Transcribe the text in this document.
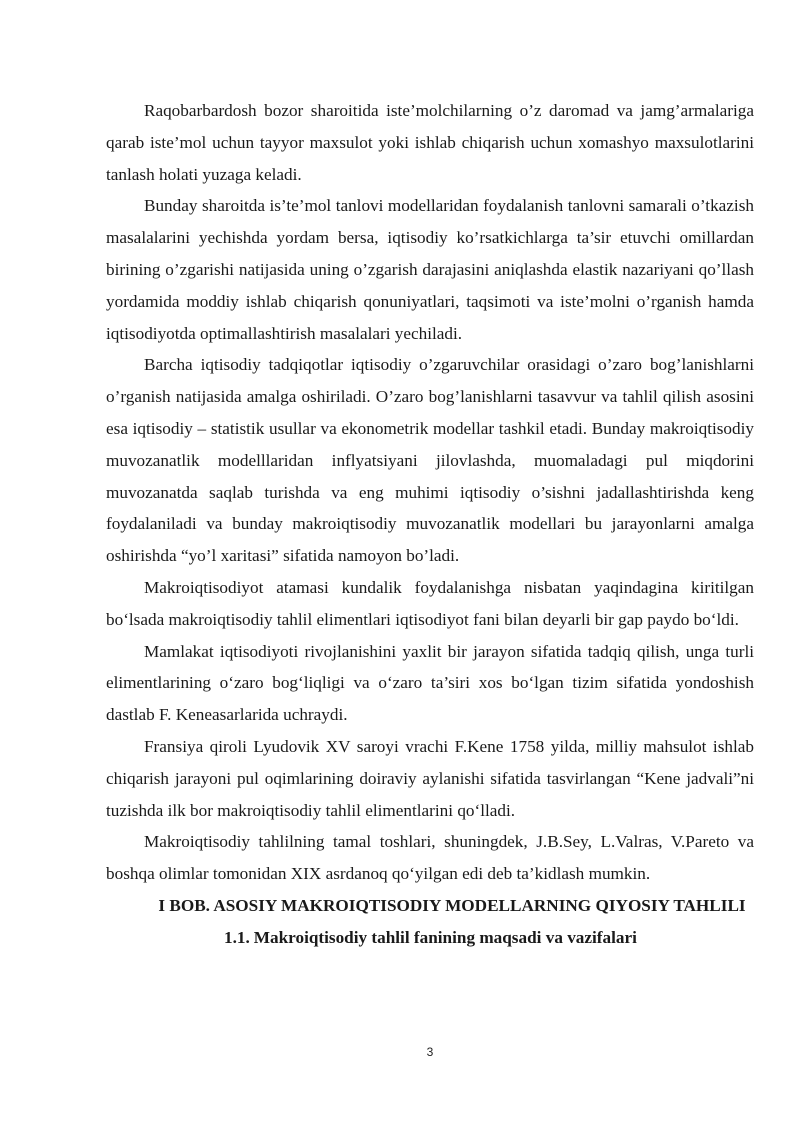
Raqobarbardosh bozor sharoitida iste’molchilarning o’z daromad va jamg’armalariga qarab iste’mol uchun tayyor maxsulot yoki ishlab chiqarish uchun xomashyo maxsulotlarini tanlash holati yuzaga keladi.

Bunday sharoitda is’te’mol tanlovi modellaridan foydalanish tanlovni samarali o’tkazish masalalarini yechishda yordam bersa, iqtisodiy ko’rsatkichlarga ta’sir etuvchi omillardan birining o’zgarishi natijasida uning o’zgarish darajasini aniqlashda elastik nazariyani qo’llash yordamida moddiy ishlab chiqarish qonuniyatlari, taqsimoti va iste’molni o’rganish hamda iqtisodiyotda optimallashtirish masalalari yechiladi.

Barcha iqtisodiy tadqiqotlar iqtisodiy o’zgaruvchilar orasidagi o’zaro bog’lanishlarni o’rganish natijasida amalga oshiriladi. O’zaro bog’lanishlarni tasavvur va tahlil qilish asosini esa iqtisodiy – statistik usullar va ekonometrik modellar tashkil etadi. Bunday makroiqtisodiy muvozanatlik modelllaridan inflyatsiyani jilovlashda, muomaladagi pul miqdorini muvozanatda saqlab turishda va eng muhimi iqtisodiy o’sishni jadallashtirishda keng foydalaniladi va bunday makroiqtisodiy muvozanatlik modellari bu jarayonlarni amalga oshirishda “yo’l xaritasi” sifatida namoyon bo’ladi.

Makroiqtisodiyot atamasi kundalik foydalanishga nisbatan yaqindagina kiritilgan bo‘lsada makroiqtisodiy tahlil elimentlari iqtisodiyot fani bilan deyarli bir gap paydo bo‘ldi.

Mamlakat iqtisodiyoti rivojlanishini yaxlit bir jarayon sifatida tadqiq qilish, unga turli elimentlarining o‘zaro bog‘liqligi va o‘zaro ta’siri xos bo‘lgan tizim sifatida yondoshish dastlab F. Keneasarlarida uchraydi.

Fransiya qiroli Lyudovik XV saroyi vrachi F.Kene 1758 yilda, milliy mahsulot ishlab chiqarish jarayoni pul oqimlarining doiraviy aylanishi sifatida tasvirlangan “Kene jadvali”ni tuzishda ilk bor makroiqtisodiy tahlil elimentlarini qo‘lladi.

Makroiqtisodiy tahlilning tamal toshlari, shuningdek, J.B.Sey, L.Valras, V.Pareto va boshqa olimlar tomonidan XIX asrdanoq qo‘yilgan edi deb ta’kidlash mumkin.

I BOB. ASOSIY MAKROIQTISODIY MODELLARNING QIYOSIY TAHLILI
1.1. Makroiqtisodiy tahlil fanining maqsadi va vazifalari
3
